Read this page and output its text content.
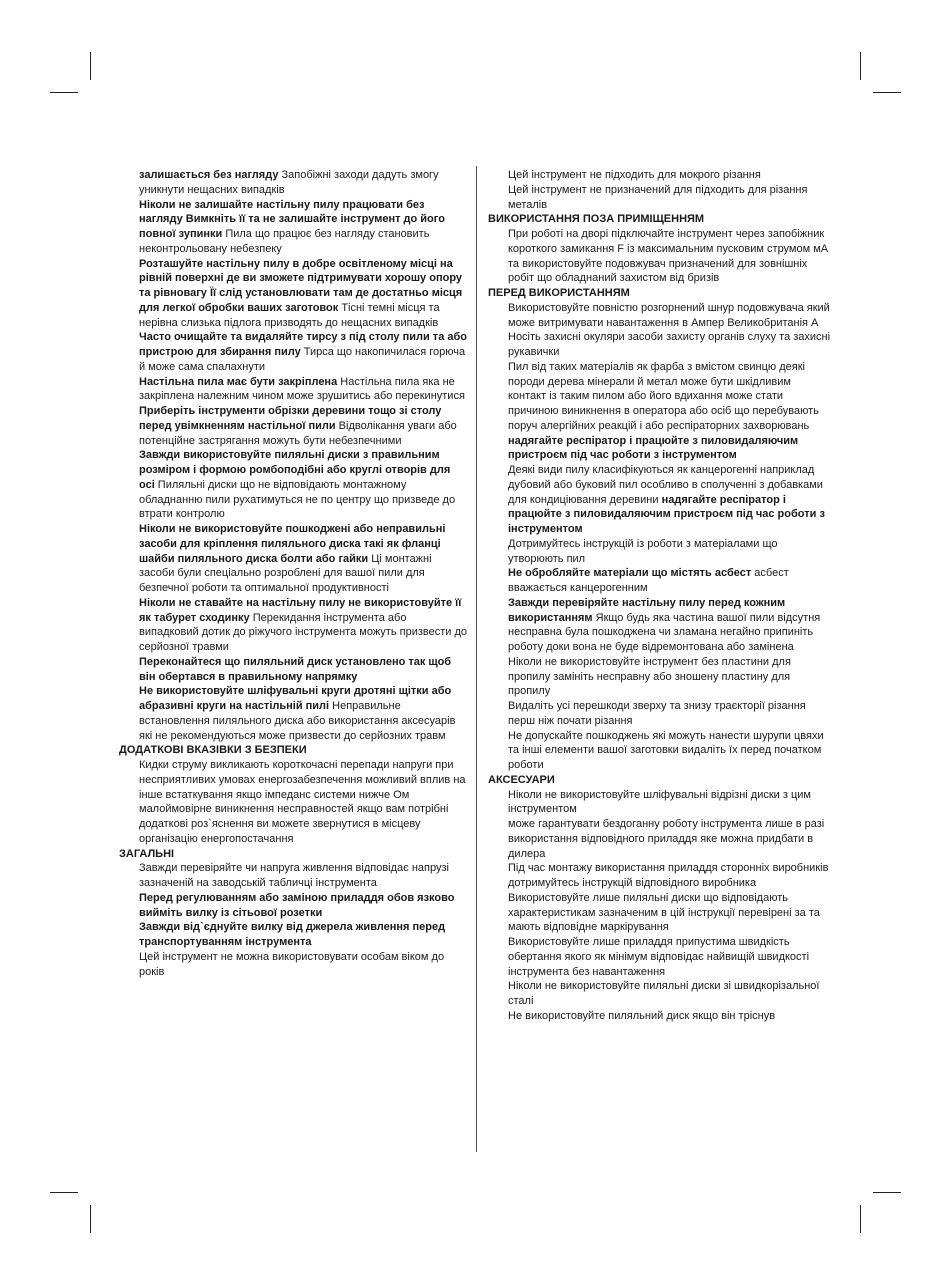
залишається без нагляду Запобіжні заходи дадуть змогу уникнути нещасних випадків

Ніколи не залишайте настільну пилу працювати без нагляду Вимкніть її та не залишайте інструмент до його повної зупинки Пила що працює без нагляду становить неконтрольовану небезпеку

Розташуйте настільну пилу в добре освітленому місці на рівній поверхні де ви зможете підтримувати хорошу опору та рівновагу Її слід установлювати там де достатньо місця для легкої обробки ваших заготовок Тісні темні місця та нерівна слизька підлога призводять до нещасних випадків

Часто очищайте та видаляйте тирсу з під столу пили та або пристрою для збирання пилу Тирса що накопичилася горюча й може сама спалахнути

Настільна пила має бути закріплена Настільна пила яка не закріплена належним чином може зрушитись або перекинутися

Приберіть інструменти обрізки деревини тощо зі столу перед увімкненням настільної пили Відволікання уваги або потенційне застрягання можуть бути небезпечними

Завжди використовуйте пиляльні диски з правильним розміром і формою ромбоподібні або круглі отворів для осі Пиляльні диски що не відповідають монтажному обладнанню пили рухатимуться не по центру що призведе до втрати контролю

Ніколи не використовуйте пошкоджені або неправильні засоби для кріплення пиляльного диска такі як фланці шайби пиляльного диска болти або гайки Ці монтажні засоби були спеціально розроблені для вашої пили для безпечної роботи та оптимальної продуктивності

Ніколи не ставайте на настільну пилу не використовуйте її як табурет сходинку Перекидання інструмента або випадковий дотик до ріжучого інструмента можуть призвести до серйозної травми

Переконайтеся що пиляльний диск установлено так щоб він обертався в правильному напрямку

Не використовуйте шліфувальні круги дротяні щітки або абразивні круги на настільній пилі Неправильне встановлення пиляльного диска або використання аксесуарів які не рекомендуються може призвести до серйозних травм

ДОДАТКОВІ ВКАЗІВКИ З БЕЗПЕКИ

Кидки струму викликають короткочасні перепади напруги при несприятливих умовах енергозабезпечення можливий вплив на інше встаткування якщо імпеданс системи нижче Ом малоймовірне виникнення несправностей якщо вам потрібні додаткові роз`яснення ви можете звернутися в місцеву організацію енергопостачання

ЗАГАЛЬНІ

Завжди перевіряйте чи напруга живлення відповідає напрузі зазначеній на заводській табличці інструмента

Перед регулюванням або заміною приладдя обов язково вийміть вилку із сітьової розетки

Завжди від`єднуйте вилку від джерела живлення перед транспортуванням інструмента

Цей інструмент не можна використовувати особам віком до років

Цей інструмент не підходить для мокрого різання

Цей інструмент не призначений для підходить для різання металів

ВИКОРИСТАННЯ ПОЗА ПРИМІЩЕННЯМ

При роботі на дворі підключайте інструмент через запобіжник короткого замикання F із максимальним пусковим струмом мА та використовуйте подовжувач призначений для зовнішніх робіт що обладнаний захистом від бризів

ПЕРЕД ВИКОРИСТАННЯМ

Використовуйте повністю розгорнений шнур подовжувача який може витримувати навантаження в Ампер Великобританія А

Носіть захисні окуляри засоби захисту органів слуху та захисні рукавички

Пил від таких матеріалів як фарба з вмістом свинцю деякі породи дерева мінерали й метал може бути шкідливим контакт із таким пилом або його вдихання може стати причиною виникнення в оператора або осіб що перебувають поруч алергійних реакцій і або респіраторних захворювань надягайте респіратор і працюйте з пиловидаляючим пристроєм під час роботи з інструментом

Деякі види пилу класифікуються як канцерогенні наприклад дубовий або буковий пил особливо в сполученні з добавками для кондиціювання деревини надягайте респіратор і працюйте з пиловидаляючим пристроєм під час роботи з інструментом

Дотримуйтесь інструкцій із роботи з матеріалами що утворюють пил

Не обробляйте матеріали що містять асбест асбест вважається канцерогенним

Завжди перевіряйте настільну пилу перед кожним використанням Якщо будь яка частина вашої пили відсутня несправна була пошкоджена чи зламана негайно припиніть роботу доки вона не буде відремонтована або замінена

Ніколи не використовуйте інструмент без пластини для пропилу замініть несправну або зношену пластину для пропилу

Видаліть усі перешкоди зверху та знизу траєкторії різання перш ніж почати різання

Не допускайте пошкоджень які можуть нанести шурупи цвяхи та інші елементи вашої заготовки видаліть їх перед початком роботи

АКСЕСУАРИ

Ніколи не використовуйте шліфувальні відрізні диски з цим інструментом

може гарантувати бездоганну роботу інструмента лише в разі використання відповідного приладдя яке можна придбати в дилера

Під час монтажу використання приладдя сторонніх виробників дотримуйтесь інструкцій відповідного виробника

Використовуйте лише пиляльні диски що відповідають характеристикам зазначеним в цій інструкції перевірені за та мають відповідне маркірування

Використовуйте лише приладдя припустима швидкість обертання якого як мінімум відповідає найвищій швидкості інструмента без навантаження

Ніколи не використовуйте пиляльні диски зі швидкорізальної сталі

Не використовуйте пиляльний диск якщо він тріснув
